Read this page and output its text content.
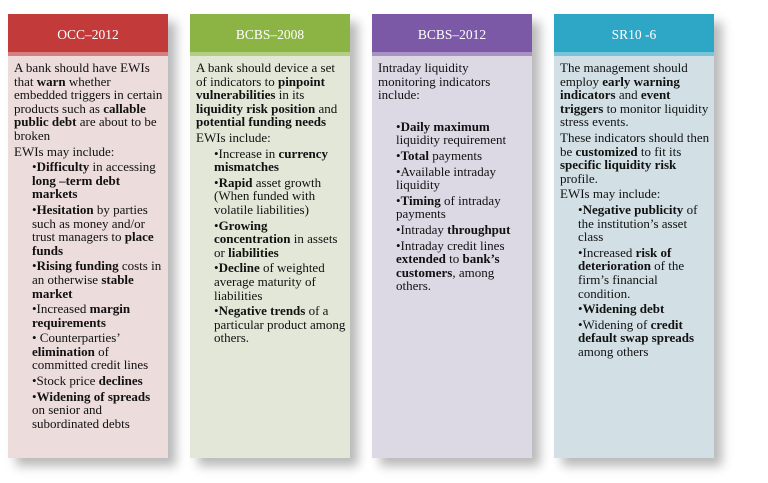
OCC–2012
A bank should have EWIs that warn whether embedded triggers in certain products such as callable public debt are about to be broken
EWIs may include:
•Difficulty in accessing long –term debt markets
•Hesitation by parties such as money and/or trust managers to place funds
•Rising funding costs in an otherwise stable market
•Increased margin requirements
• Counterparties’ elimination of committed credit lines
•Stock price declines
•Widening of spreads on senior and subordinated debts
BCBS–2008
A bank should device a set of indicators to pinpoint vulnerabilities in its liquidity risk position and potential funding needs
EWIs include:
•Increase in currency mismatches
•Rapid asset growth (When funded with volatile liabilities)
•Growing concentration in assets or liabilities
•Decline of weighted average maturity of liabilities
•Negative trends of a particular product among others.
BCBS–2012
Intraday liquidity monitoring indicators include:
•Daily maximum liquidity requirement
•Total payments
•Available intraday liquidity
•Timing of intraday payments
•Intraday throughput
•Intraday credit lines extended to bank’s customers, among others.
SR10 -6
The management should employ early warning indicators and event triggers to monitor liquidity stress events.
These indicators should then be customized to fit its specific liquidity risk profile.
EWIs may include:
•Negative publicity of the institution’s asset class
•Increased risk of deterioration of the firm’s financial condition.
•Widening debt
•Widening of credit default swap spreads among others
